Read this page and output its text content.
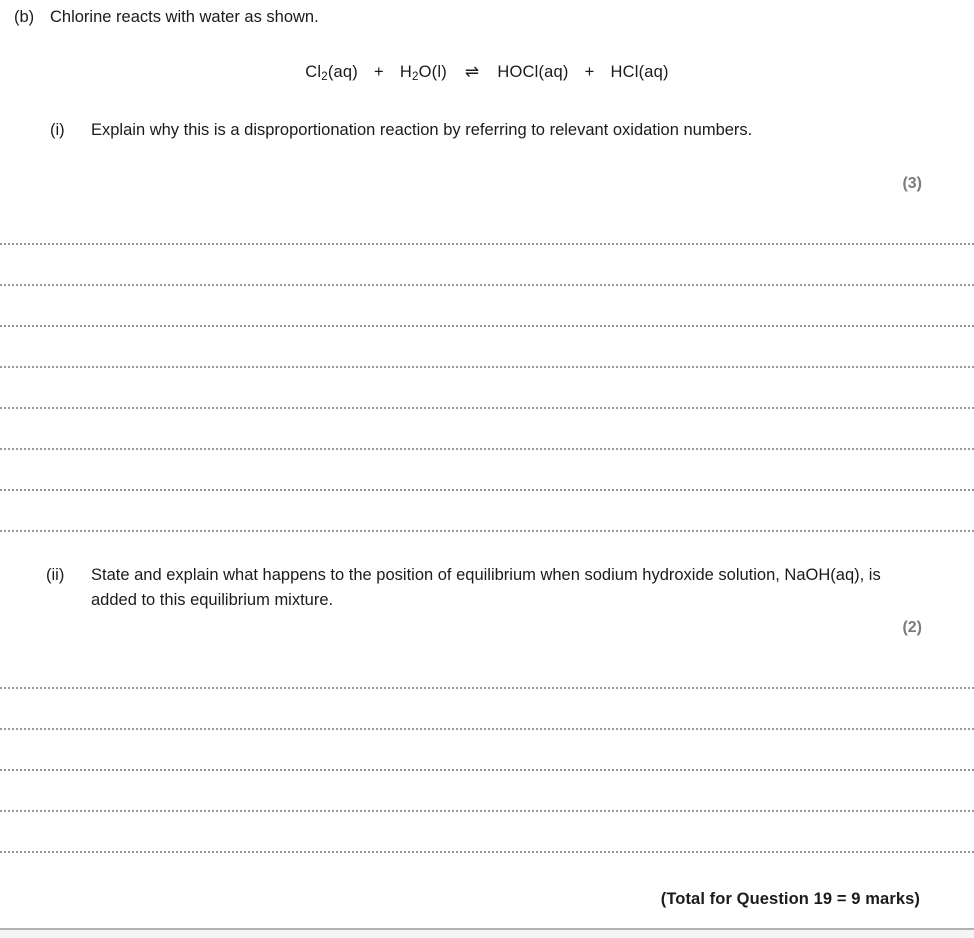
(b) Chlorine reacts with water as shown.
$Cl_2(aq) + H_2O(l)$ ⇌ HOCl(aq) + HCl(aq)
(i)	Explain why this is a disproportionation reaction by referring to relevant oxidation numbers.
(3)
(ii)	State and explain what happens to the position of equilibrium when sodium hydroxide solution, NaOH(aq), is added to this equilibrium mixture.
(2)
(Total for Question 19 = 9 marks)
